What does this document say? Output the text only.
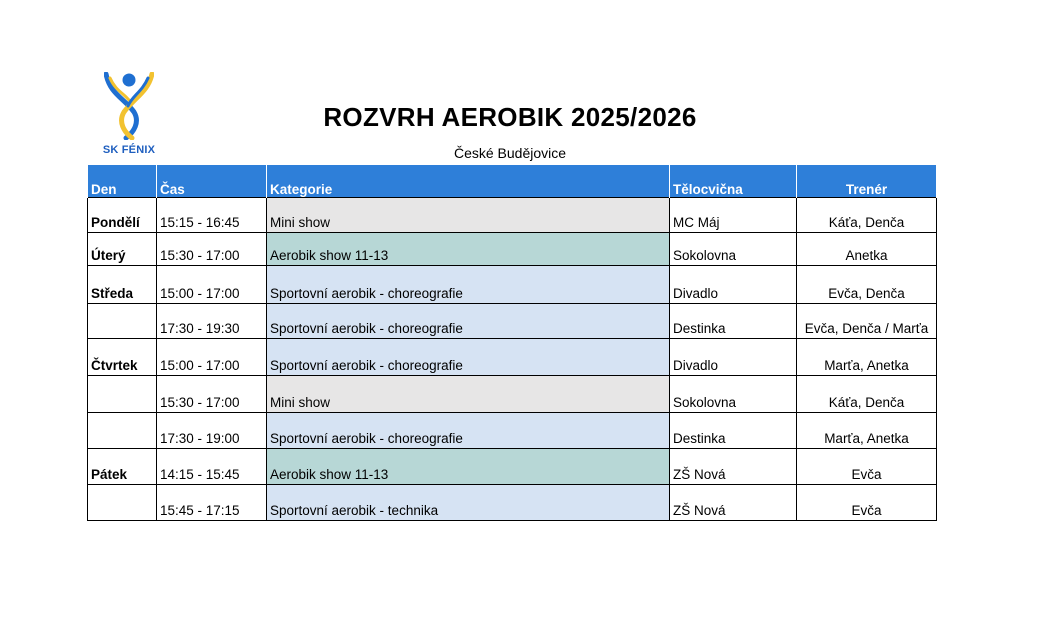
SK FÉNIX
ROZVRH AEROBIK 2025/2026
České Budějovice
Den	Čas	Kategorie	Tělocvična	Trenér
Pondělí	15:15 - 16:45	Mini show	MC Máj	Káťa, Denča
Úterý	15:30 - 17:00	Aerobik show 11-13	Sokolovna	Anetka
Středa	15:00 - 17:00	Sportovní aerobik - choreografie	Divadlo	Evča, Denča
	17:30 - 19:30	Sportovní aerobik - choreografie	Destinka	Evča, Denča / Marťa
Čtvrtek	15:00 - 17:00	Sportovní aerobik - choreografie	Divadlo	Marťa, Anetka
	15:30 - 17:00	Mini show	Sokolovna	Káťa, Denča
	17:30 - 19:00	Sportovní aerobik - choreografie	Destinka	Marťa, Anetka
Pátek	14:15 - 15:45	Aerobik show 11-13	ZŠ Nová	Evča
	15:45 - 17:15	Sportovní aerobik - technika	ZŠ Nová	Evča
